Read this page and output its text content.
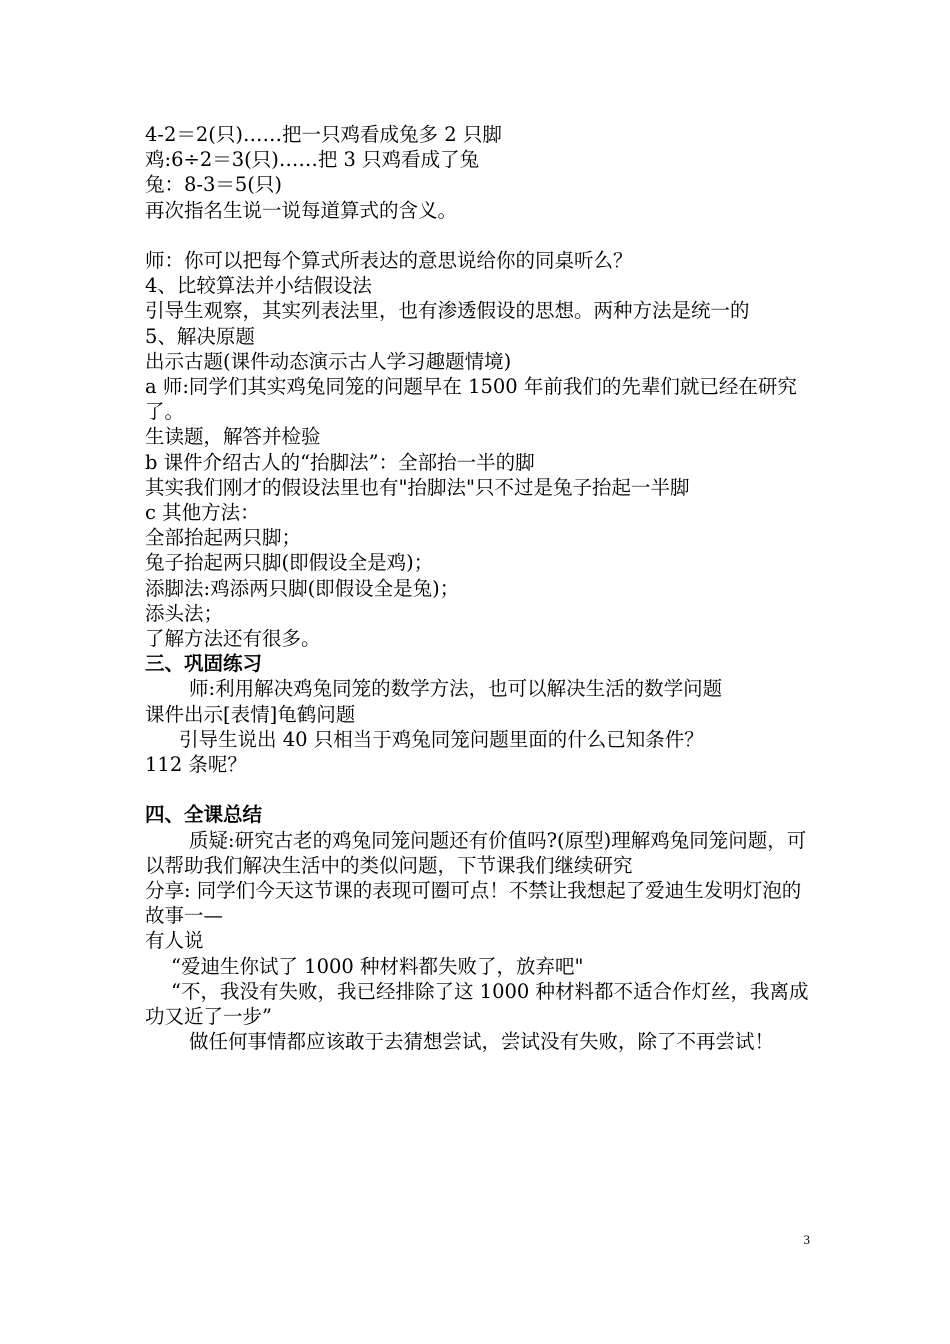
4-2＝2(只)……把一只鸡看成兔多 2 只脚
鸡:6÷2＝3(只)……把 3 只鸡看成了兔
兔：8-3＝5(只)
再次指名生说一说每道算式的含义。
师：你可以把每个算式所表达的意思说给你的同桌听么？
4、比较算法并小结假设法
引导生观察，其实列表法里，也有渗透假设的思想。两种方法是统一的
5、解决原题
出示古题(课件动态演示古人学习趣题情境)
a 师:同学们其实鸡兔同笼的问题早在 1500 年前我们的先辈们就已经在研究了。
生读题，解答并检验
b 课件介绍古人的“抬脚法”：全部抬一半的脚
其实我们刚才的假设法里也有"抬脚法"只不过是兔子抬起一半脚
c 其他方法：
全部抬起两只脚；
兔子抬起两只脚(即假设全是鸡)；
添脚法:鸡添两只脚(即假设全是兔)；
添头法；
了解方法还有很多。
三、巩固练习
师:利用解决鸡兔同笼的数学方法，也可以解决生活的数学问题
课件出示[表情]龟鹤问题
引导生说出 40 只相当于鸡兔同笼问题里面的什么已知条件？
112 条呢？
四、全课总结
质疑:研究古老的鸡兔同笼问题还有价值吗?(原型)理解鸡兔同笼问题，可以帮助我们解决生活中的类似问题，下节课我们继续研究
分享: 同学们今天这节课的表现可圈可点！不禁让我想起了爱迪生发明灯泡的故事一—
有人说
“爱迪生你试了 1000 种材料都失败了，放弃吧"
“不，我没有失败，我已经排除了这 1000 种材料都不适合作灯丝，我离成功又近了一步”
做任何事情都应该敢于去猜想尝试，尝试没有失败，除了不再尝试！
3
